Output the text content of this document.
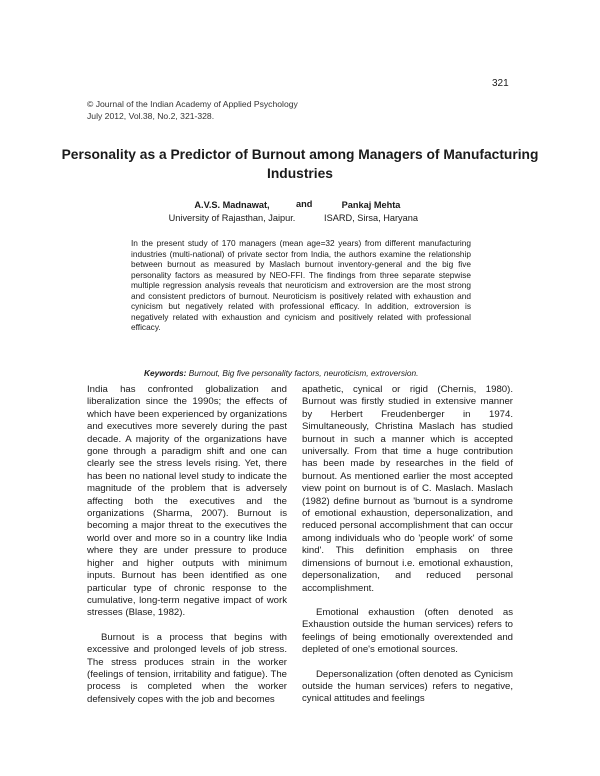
321
© Journal of the Indian Academy of Applied Psychology
July 2012, Vol.38, No.2, 321-328.
Personality as a Predictor of Burnout among Managers of Manufacturing Industries
A.V.S. Madnawat,
University of Rajasthan, Jaipur.
and	Pankaj Mehta
ISARD, Sirsa, Haryana

In the present study of 170 managers (mean age=32 years) from different manufacturing industries (multi-national) of private sector from India, the authors examine the relationship between burnout as measured by Maslach burnout inventory-general and the big five personality factors as measured by NEO-FFI. The findings from three separate stepwise multiple regression analysis reveals that neuroticism and extroversion are the most strong and consistent predictors of burnout. Neuroticism is positively related with exhaustion and cynicism but negatively related with professional efficacy. In addition, extroversion is negatively related with exhaustion and cynicism and positively related with professional efficacy.

Keywords: Burnout, Big five personality factors, neuroticism, extroversion.

India has confronted globalization and liberalization since the 1990s; the effects of which have been experienced by organizations and executives more severely during the past decade. A majority of the organizations have gone through a paradigm shift and one can clearly see the stress levels rising. Yet, there has been no national level study to indicate the magnitude of the problem that is adversely affecting both the executives and the organizations (Sharma, 2007). Burnout is becoming a major threat to the executives the world over and more so in a country like India where they are under pressure to produce higher and higher outputs with minimum inputs. Burnout has been identified as one particular type of chronic response to the cumulative, long-term negative impact of work stresses (Blase, 1982).

Burnout is a process that begins with excessive and prolonged levels of job stress. The stress produces strain in the worker (feelings of tension, irritability and fatigue). The process is completed when the worker defensively copes with the job and becomes

apathetic, cynical or rigid (Chernis, 1980). Burnout was firstly studied in extensive manner by Herbert Freudenberger in 1974. Simultaneously, Christina Maslach has studied burnout in such a manner which is accepted universally. From that time a huge contribution has been made by researches in the field of burnout. As mentioned earlier the most accepted view point on burnout is of C. Maslach. Maslach (1982) define burnout as 'burnout is a syndrome of emotional exhaustion, depersonalization, and reduced personal accomplishment that can occur among individuals who do 'people work' of some kind'. This definition emphasis on three dimensions of burnout i.e. emotional exhaustion, depersonalization, and reduced personal accomplishment.

Emotional exhaustion (often denoted as Exhaustion outside the human services) refers to feelings of being emotionally overextended and depleted of one's emotional sources.

Depersonalization (often denoted as Cynicism outside the human services) refers to negative, cynical attitudes and feelings
